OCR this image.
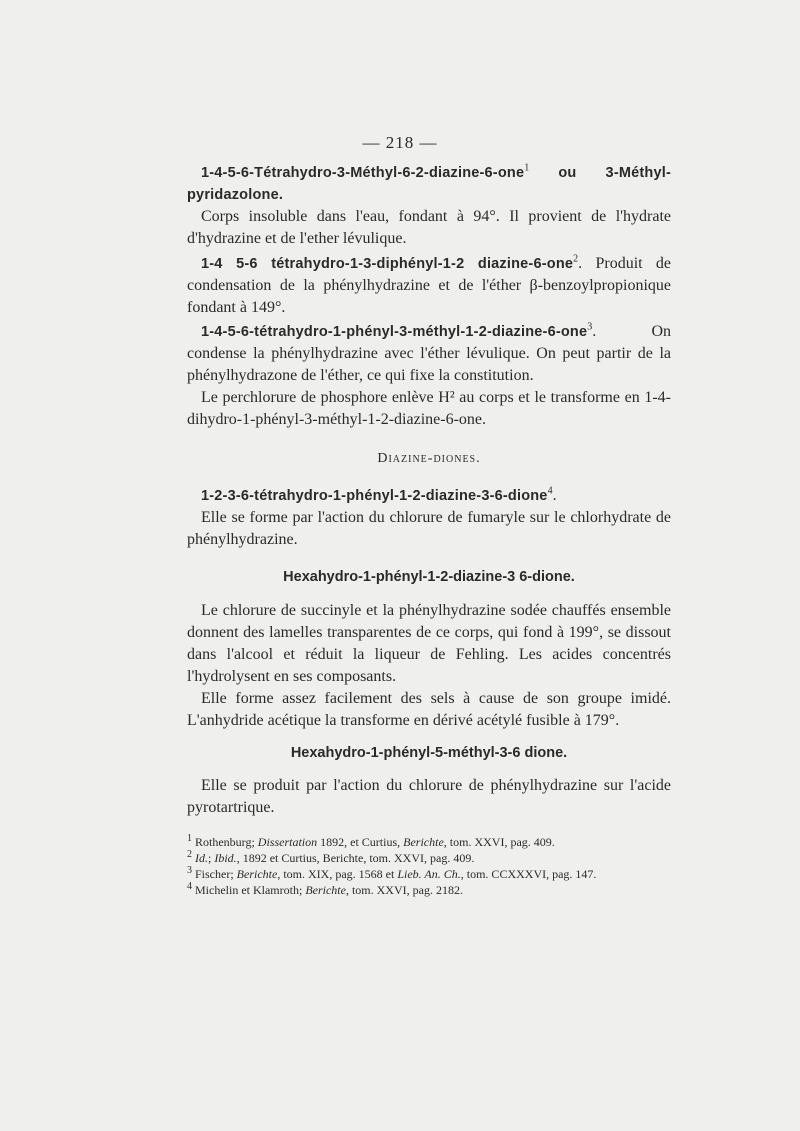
— 218 —

1-4-5-6-Tétrahydro-3-Méthyl-6-2-diazine-6-one$^1$ ou 3-Méthyl-pyridazolone.

Corps insoluble dans l'eau, fondant à 94°. Il provient de l'hydrate d'hydrazine et de l'ether lévulique.

1-4 5-6 tétrahydro-1-3-diphényl-1-2 diazine-6-one$^2$. Produit de condensation de la phénylhydrazine et de l'éther β-benzoylpropionique fondant à 149°.

1-4-5-6-tétrahydro-1-phényl-3-méthyl-1-2-diazine-6-one$^3$. On condense la phénylhydrazine avec l'éther lévulique. On peut partir de la phénylhydrazone de l'éther, ce qui fixe la constitution.

Le perchlorure de phosphore enlève H² au corps et le transforme en 1-4-dihydro-1-phényl-3-méthyl-1-2-diazine-6-one.

Diazine-diones.

1-2-3-6-tétrahydro-1-phényl-1-2-diazine-3-6-dione$^4$.

Elle se forme par l'action du chlorure de fumaryle sur le chlorhydrate de phénylhydrazine.

Hexahydro-1-phényl-1-2-diazine-3 6-dione.

Le chlorure de succinyle et la phénylhydrazine sodée chauffés ensemble donnent des lamelles transparentes de ce corps, qui fond à 199°, se dissout dans l'alcool et réduit la liqueur de Fehling. Les acides concentrés l'hydrolysent en ses composants.

Elle forme assez facilement des sels à cause de son groupe imidé. L'anhydride acétique la transforme en dérivé acétylé fusible à 179°.

Hexahydro-1-phényl-5-méthyl-3-6 dione.

Elle se produit par l'action du chlorure de phénylhydrazine sur l'acide pyrotartrique.

$^1$ Rothenburg; Dissertation 1892, et Curtius, Berichte, tom. XXVI, pag. 409.
$^2$ Id.; Ibid., 1892 et Curtius, Berichte, tom. XXVI, pag. 409.
$^3$ Fischer; Berichte, tom. XIX, pag. 1568 et Lieb. An. Ch., tom. CCXXXVI, pag. 147.
$^4$ Michelin et Klamroth; Berichte, tom. XXVI, pag. 2182.
